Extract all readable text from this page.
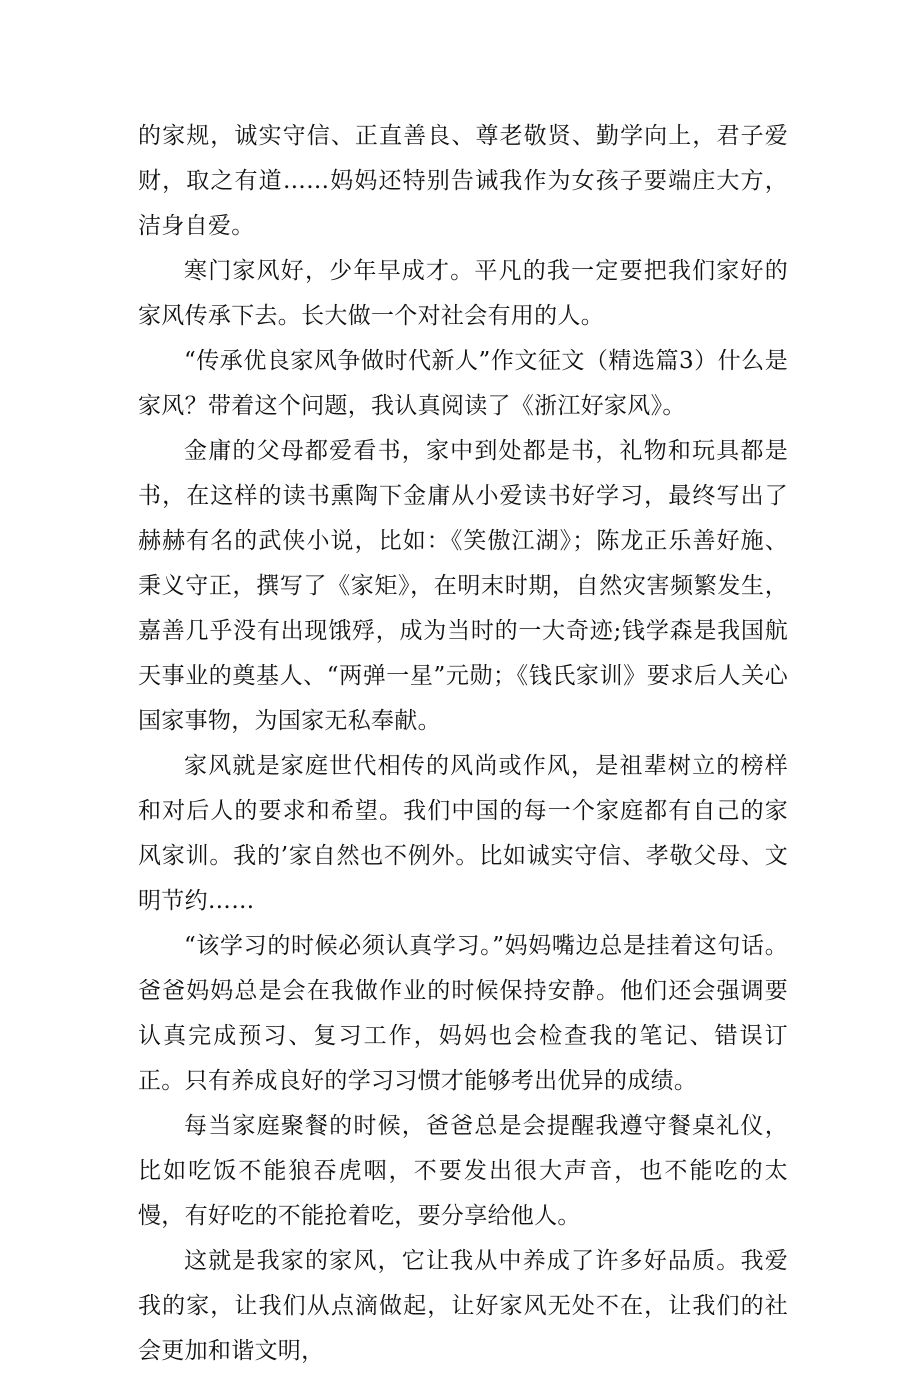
的家规，诚实守信、正直善良、尊老敬贤、勤学向上，君子爱财，取之有道……妈妈还特别告诫我作为女孩子要端庄大方，洁身自爱。

寒门家风好，少年早成才。平凡的我一定要把我们家好的家风传承下去。长大做一个对社会有用的人。

“传承优良家风争做时代新人”作文征文（精选篇3）什么是家风？带着这个问题，我认真阅读了《浙江好家风》。

金庸的父母都爱看书，家中到处都是书，礼物和玩具都是书，在这样的读书熏陶下金庸从小爱读书好学习，最终写出了赫赫有名的武侠小说，比如：《笑傲江湖》；陈龙正乐善好施、秉义守正，撰写了《家矩》，在明末时期，自然灾害频繁发生，嘉善几乎没有出现饿殍，成为当时的一大奇迹;钱学森是我国航天事业的奠基人、“两弹一星”元勋；《钱氏家训》要求后人关心国家事物，为国家无私奉献。

家风就是家庭世代相传的风尚或作风，是祖辈树立的榜样和对后人的要求和希望。我们中国的每一个家庭都有自己的家风家训。我的’家自然也不例外。比如诚实守信、孝敬父母、文明节约……

“该学习的时候必须认真学习。”妈妈嘴边总是挂着这句话。爸爸妈妈总是会在我做作业的时候保持安静。他们还会强调要认真完成预习、复习工作，妈妈也会检查我的笔记、错误订正。只有养成良好的学习习惯才能够考出优异的成绩。

每当家庭聚餐的时候，爸爸总是会提醒我遵守餐桌礼仪，比如吃饭不能狼吞虎咽，不要发出很大声音，也不能吃的太慢，有好吃的不能抢着吃，要分享给他人。

这就是我家的家风，它让我从中养成了许多好品质。我爱我的家，让我们从点滴做起，让好家风无处不在，让我们的社会更加和谐文明，
